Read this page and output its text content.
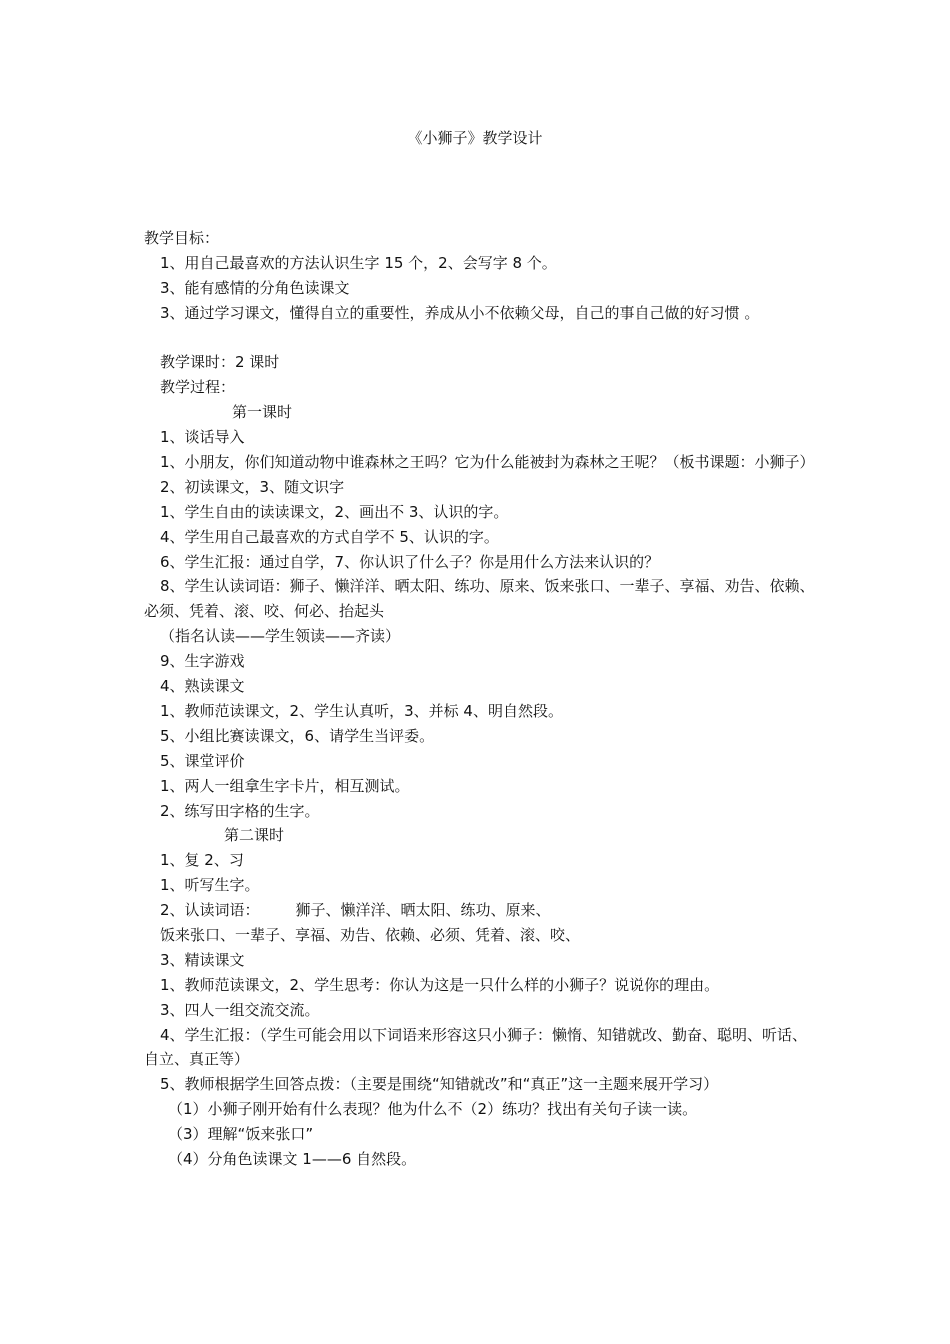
《小狮子》教学设计
教学目标：
1、用自己最喜欢的方法认识生字 15 个，2、会写字 8 个。
3、能有感情的分角色读课文
3、通过学习课文，懂得自立的重要性，养成从小不依赖父母，自己的事自己做的好习惯 。
教学课时：2 课时
教学过程：
第一课时
1、谈话导入
1、小朋友，你们知道动物中谁森林之王吗？它为什么能被封为森林之王呢？（板书课题：小狮子）
2、初读课文，3、随文识字
1、学生自由的读读课文，2、画出不 3、认识的字。
4、学生用自己最喜欢的方式自学不 5、认识的字。
6、学生汇报：通过自学，7、你认识了什么子？你是用什么方法来认识的？
8、学生认读词语：狮子、懒洋洋、晒太阳、练功、原来、饭来张口、一辈子、享福、劝告、依赖、必须、凭着、滚、咬、何必、抬起头
（指名认读——学生领读——齐读）
9、生字游戏
4、熟读课文
1、教师范读课文，2、学生认真听，3、并标 4、明自然段。
5、小组比赛读课文，6、请学生当评委。
5、课堂评价
1、两人一组拿生字卡片，相互测试。
2、练写田字格的生字。
第二课时
1、复 2、习
1、听写生字。
2、认读词语： 狮子、懒洋洋、晒太阳、练功、原来、
饭来张口、一辈子、享福、劝告、依赖、必须、凭着、滚、咬、
3、精读课文
1、教师范读课文，2、学生思考：你认为这是一只什么样的小狮子？说说你的理由。
3、四人一组交流交流。
4、学生汇报：（学生可能会用以下词语来形容这只小狮子：懒惰、知错就改、勤奋、聪明、听话、自立、真正等）
5、教师根据学生回答点拨：（主要是围绕“知错就改”和“真正”这一主题来展开学习）
（1）小狮子刚开始有什么表现？他为什么不（2）练功？找出有关句子读一读。
（3）理解“饭来张口”
（4）分角色读课文 1——6 自然段。
